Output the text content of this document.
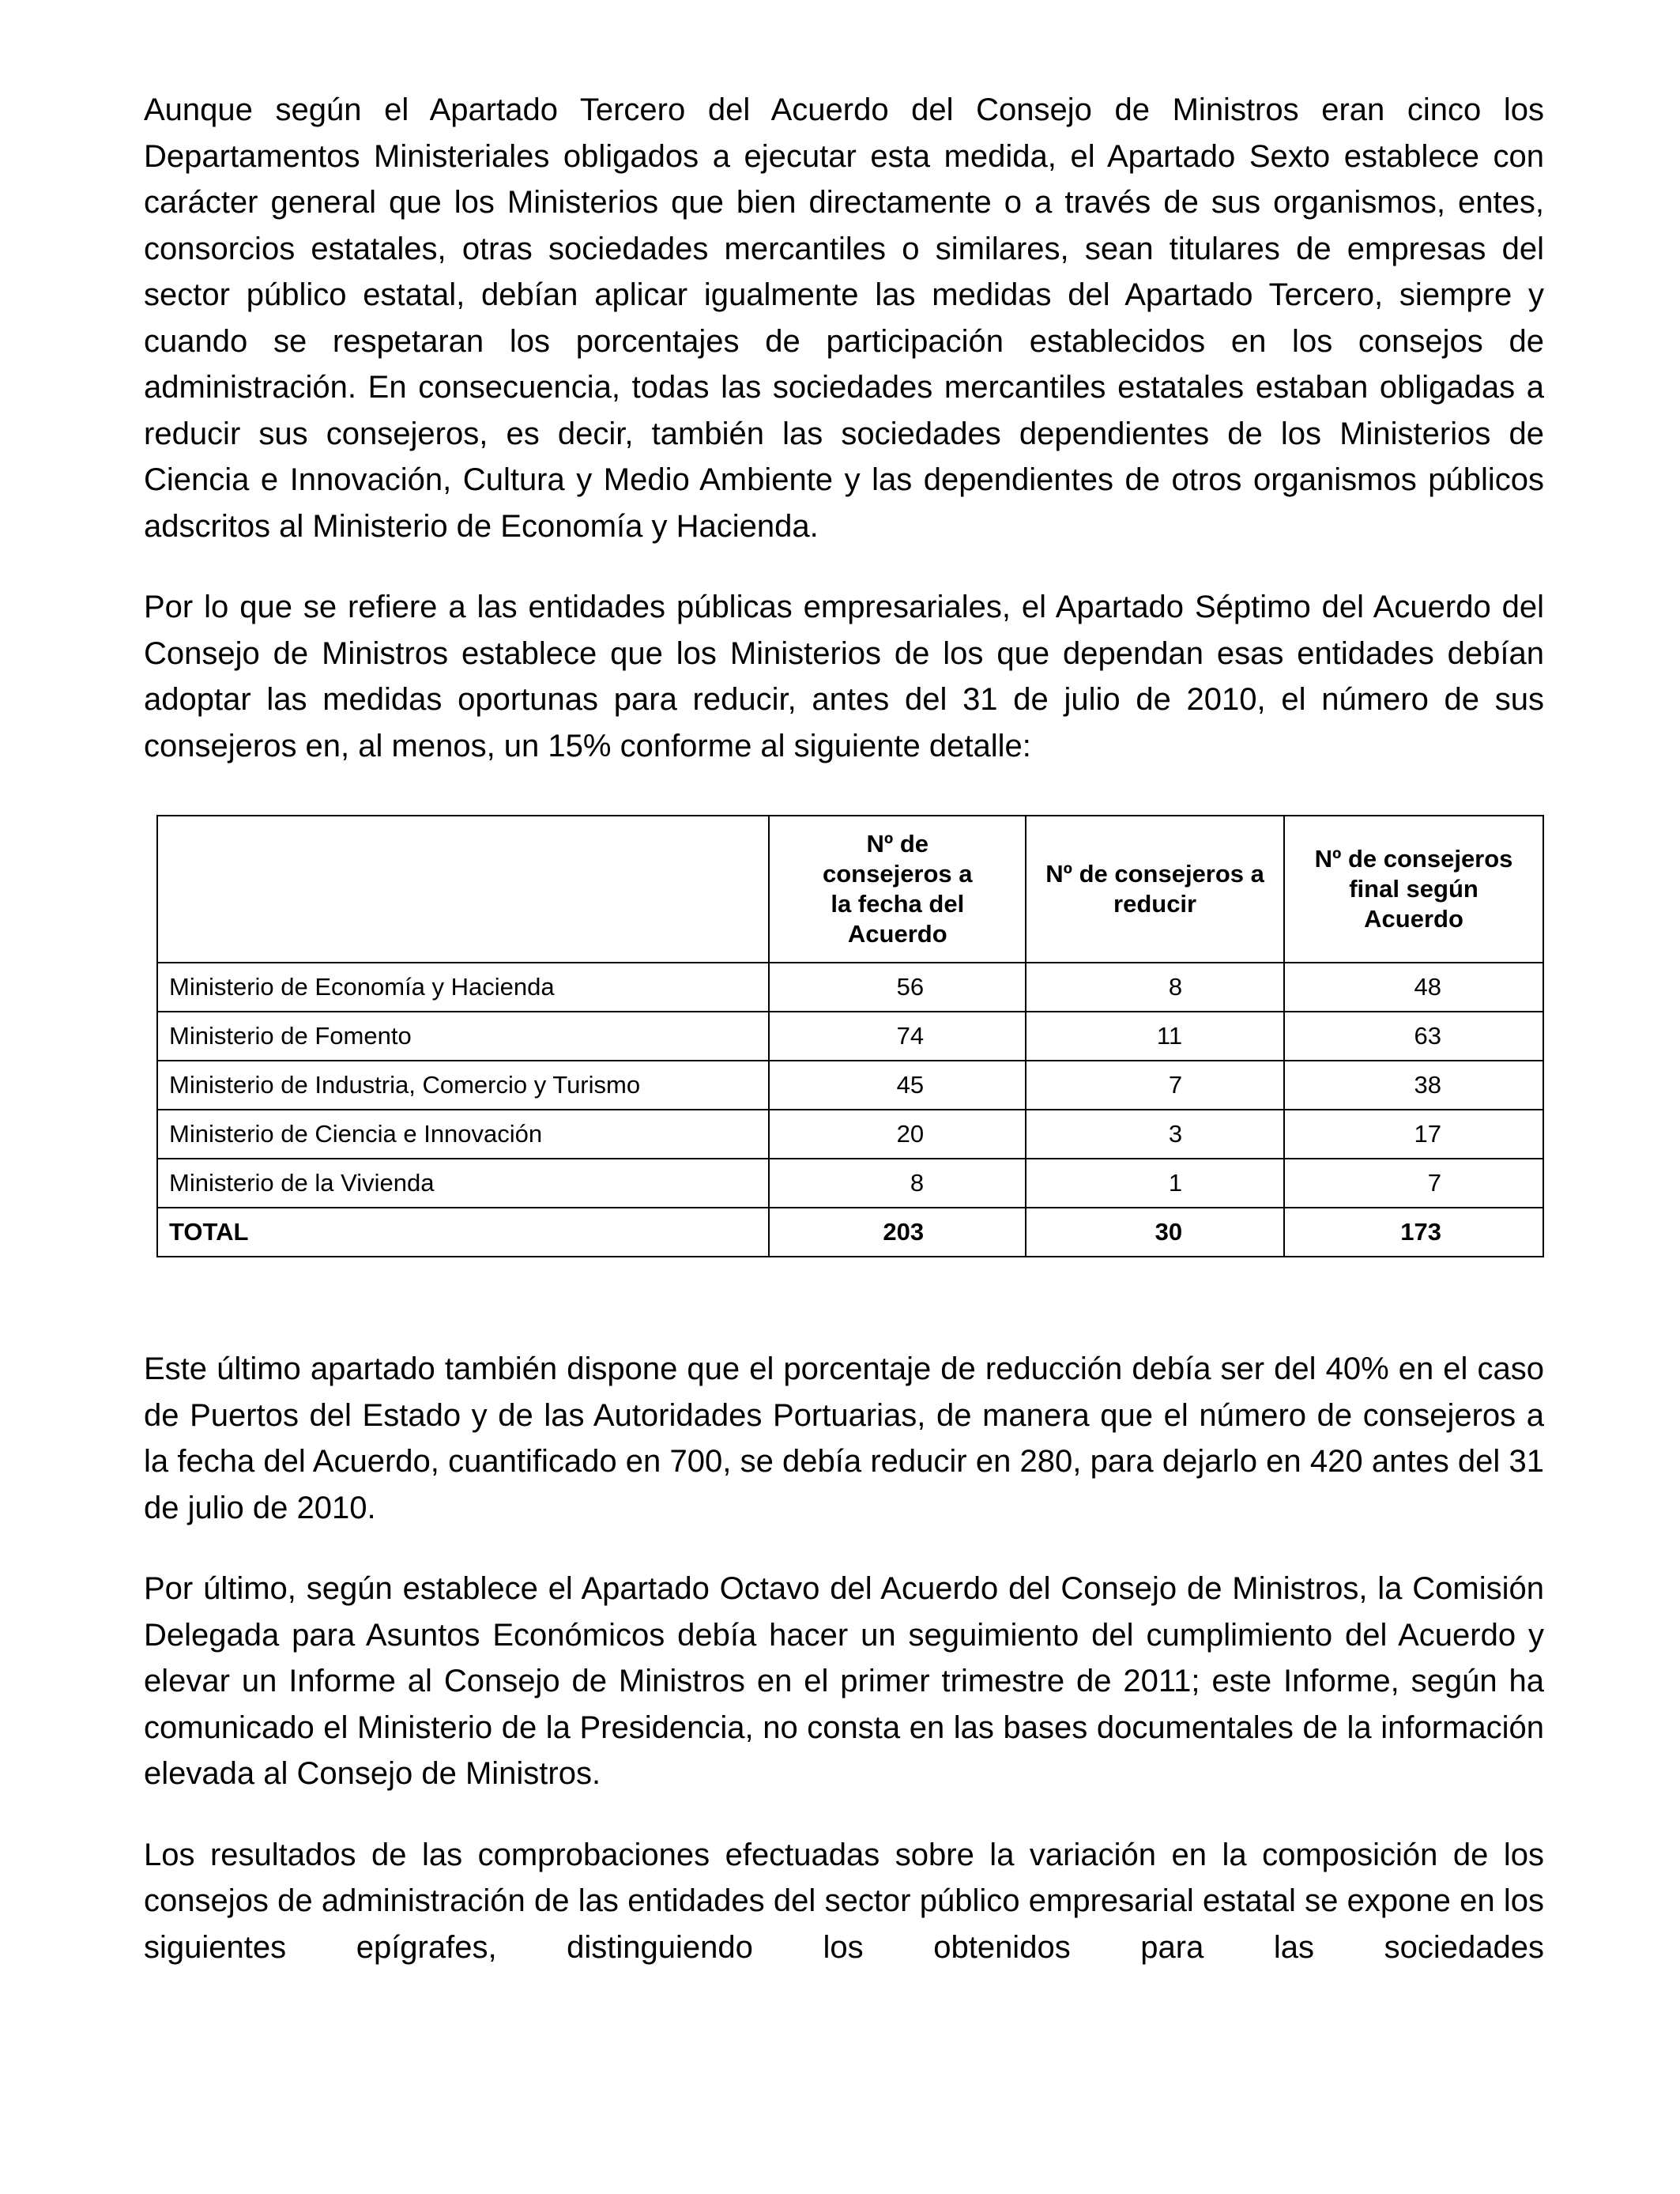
Aunque según el Apartado Tercero del Acuerdo del Consejo de Ministros eran cinco los Departamentos Ministeriales obligados a ejecutar esta medida, el Apartado Sexto establece con carácter general que los Ministerios que bien directamente o a través de sus organismos, entes, consorcios estatales, otras sociedades mercantiles o similares, sean titulares de empresas del sector público estatal, debían aplicar igualmente las medidas del Apartado Tercero, siempre y cuando se respetaran los porcentajes de participación establecidos en los consejos de administración. En consecuencia, todas las sociedades mercantiles estatales estaban obligadas a reducir sus consejeros, es decir, también las sociedades dependientes de los Ministerios de Ciencia e Innovación, Cultura y Medio Ambiente y las dependientes de otros organismos públicos adscritos al Ministerio de Economía y Hacienda.

Por lo que se refiere a las entidades públicas empresariales, el Apartado Séptimo del Acuerdo del Consejo de Ministros establece que los Ministerios de los que dependan esas entidades debían adoptar las medidas oportunas para reducir, antes del 31 de julio de 2010, el número de sus consejeros en, al menos, un 15% conforme al siguiente detalle:

	Nº de consejeros a la fecha del Acuerdo	Nº de consejeros a reducir	Nº de consejeros final según Acuerdo

Ministerio de Economía y Hacienda	56	8	48
Ministerio de Fomento	74	11	63
Ministerio de Industria, Comercio y Turismo	45	7	38
Ministerio de Ciencia e Innovación	20	3	17
Ministerio de la Vivienda	8	1	7
TOTAL	203	30	173

Este último apartado también dispone que el porcentaje de reducción debía ser del 40% en el caso de Puertos del Estado y de las Autoridades Portuarias, de manera que el número de consejeros a la fecha del Acuerdo, cuantificado en 700, se debía reducir en 280, para dejarlo en 420 antes del 31 de julio de 2010.

Por último, según establece el Apartado Octavo del Acuerdo del Consejo de Ministros, la Comisión Delegada para Asuntos Económicos debía hacer un seguimiento del cumplimiento del Acuerdo y elevar un Informe al Consejo de Ministros en el primer trimestre de 2011; este Informe, según ha comunicado el Ministerio de la Presidencia, no consta en las bases documentales de la información elevada al Consejo de Ministros.

Los resultados de las comprobaciones efectuadas sobre la variación en la composición de los consejos de administración de las entidades del sector público empresarial estatal se expone en los siguientes epígrafes, distinguiendo los obtenidos para las sociedades
